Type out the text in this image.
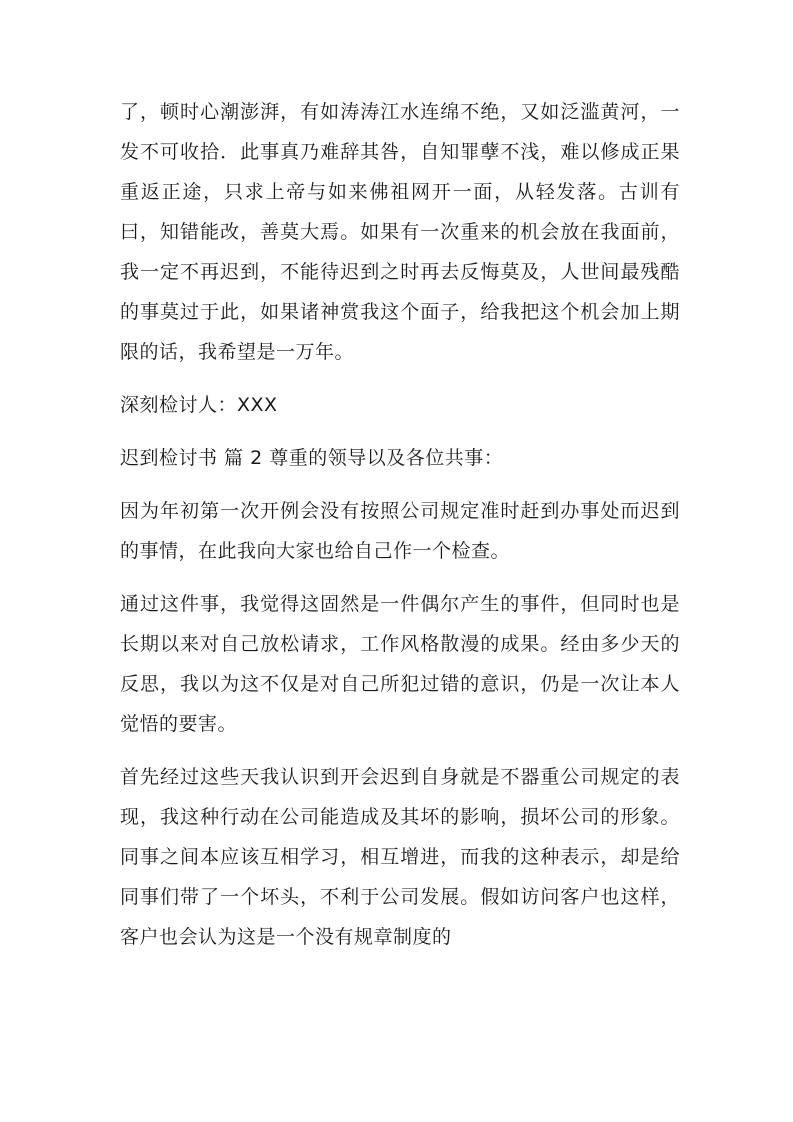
了，顿时心潮澎湃，有如涛涛江水连绵不绝，又如泛滥黄河，一发不可收拾．此事真乃难辞其咎，自知罪孽不浅，难以修成正果重返正途，只求上帝与如来佛祖网开一面，从轻发落。古训有曰，知错能改，善莫大焉。如果有一次重来的机会放在我面前，我一定不再迟到，不能待迟到之时再去反悔莫及，人世间最残酷的事莫过于此，如果诸神赏我这个面子，给我把这个机会加上期限的话，我希望是一万年。

深刻检讨人：XXX

迟到检讨书 篇 2 尊重的领导以及各位共事：

因为年初第一次开例会没有按照公司规定准时赶到办事处而迟到的事情，在此我向大家也给自己作一个检查。

通过这件事，我觉得这固然是一件偶尔产生的事件，但同时也是长期以来对自己放松请求，工作风格散漫的成果。经由多少天的反思，我以为这不仅是对自己所犯过错的意识，仍是一次让本人觉悟的要害。

首先经过这些天我认识到开会迟到自身就是不器重公司规定的表现，我这种行动在公司能造成及其坏的影响，损坏公司的形象。同事之间本应该互相学习，相互增进，而我的这种表示，却是给同事们带了一个坏头，不利于公司发展。假如访问客户也这样，客户也会认为这是一个没有规章制度的
